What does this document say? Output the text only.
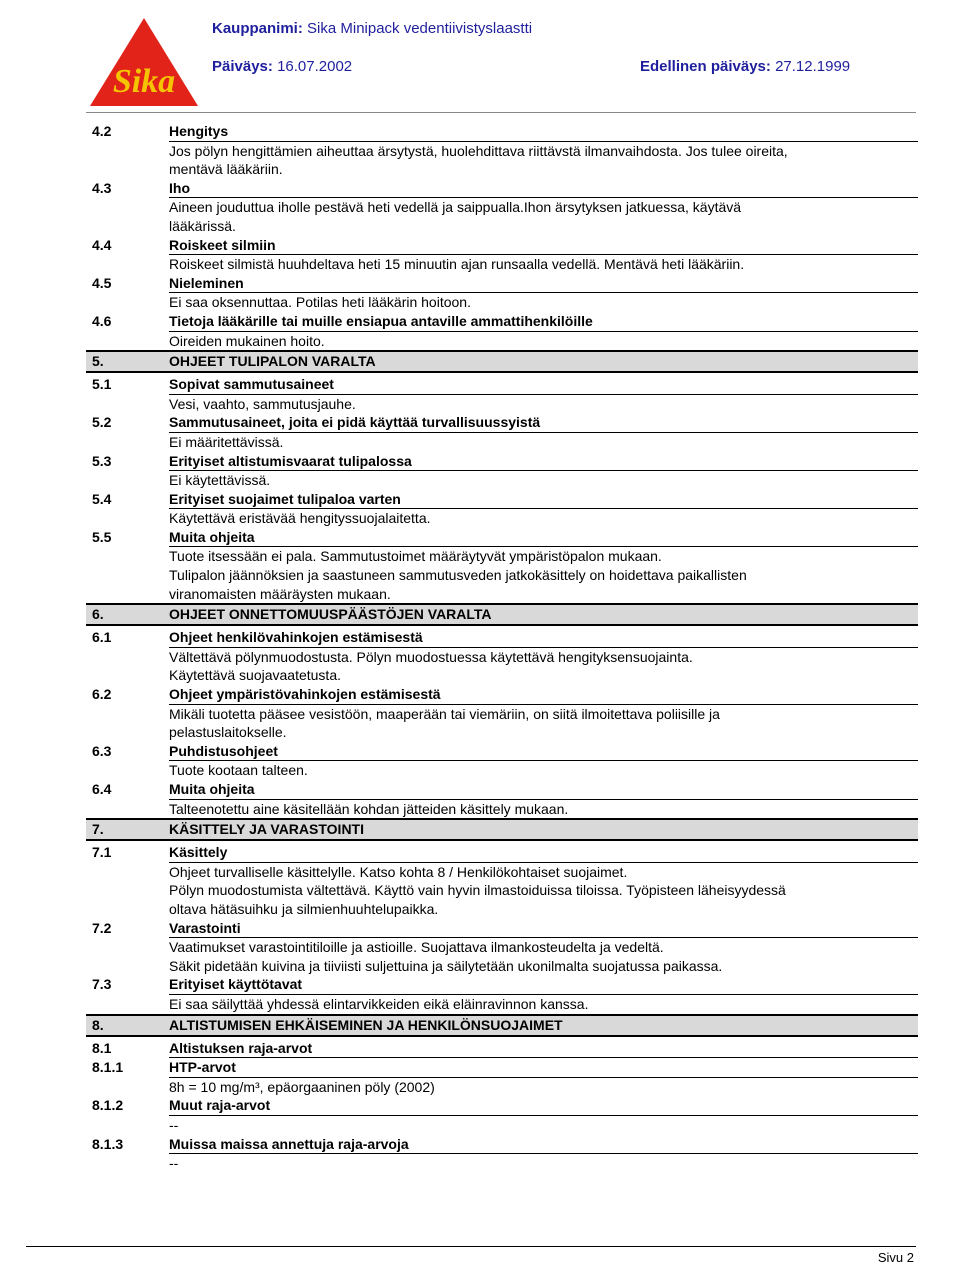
Sika
Kauppanimi: Sika Minipack vedentiivistyslaastti
Päiväys: 16.07.2002	Edellinen päiväys: 27.12.1999
4.2	Hengitys
Jos pölyn hengittämien aiheuttaa ärsytystä, huolehdittava riittävstä ilmanvaihdosta. Jos tulee oireita,
mentävä lääkäriin.
4.3	Iho
Aineen jouduttua iholle pestävä heti vedellä ja saippualla.Ihon ärsytyksen jatkuessa, käytävä
lääkärissä.
4.4	Roiskeet silmiin
Roiskeet silmistä huuhdeltava heti 15 minuutin ajan runsaalla vedellä. Mentävä heti lääkäriin.
4.5	Nieleminen
Ei saa oksennuttaa. Potilas heti lääkärin hoitoon.
4.6	Tietoja lääkärille tai muille ensiapua antaville ammattihenkilöille
Oireiden mukainen hoito.
5.	OHJEET TULIPALON VARALTA
5.1	Sopivat sammutusaineet
Vesi, vaahto, sammutusjauhe.
5.2	Sammutusaineet, joita ei pidä käyttää turvallisuussyistä
Ei määritettävissä.
5.3	Erityiset altistumisvaarat tulipalossa
Ei käytettävissä.
5.4	Erityiset suojaimet tulipaloa varten
Käytettävä eristävää hengityssuojalaitetta.
5.5	Muita ohjeita
Tuote itsessään ei pala. Sammutustoimet määräytyvät ympäristöpalon mukaan.
Tulipalon jäännöksien ja saastuneen sammutusveden jatkokäsittely on hoidettava paikallisten
viranomaisten määräysten mukaan.
6.	OHJEET ONNETTOMUUSPÄÄSTÖJEN VARALTA
6.1	Ohjeet henkilövahinkojen estämisestä
Vältettävä pölynmuodostusta. Pölyn muodostuessa käytettävä hengityksensuojainta.
Käytettävä suojavaatetusta.
6.2	Ohjeet ympäristövahinkojen estämisestä
Mikäli tuotetta pääsee vesistöön, maaperään tai viemäriin, on siitä ilmoitettava poliisille ja
pelastuslaitokselle.
6.3	Puhdistusohjeet
Tuote kootaan talteen.
6.4	Muita ohjeita
Talteenotettu aine käsitellään kohdan jätteiden käsittely mukaan.
7.	KÄSITTELY JA VARASTOINTI
7.1	Käsittely
Ohjeet turvalliselle käsittelylle. Katso kohta 8 / Henkilökohtaiset suojaimet.
Pölyn muodostumista vältettävä. Käyttö vain hyvin ilmastoiduissa tiloissa. Työpisteen läheisyydessä
oltava hätäsuihku ja silmienhuuhtelupaikka.
7.2	Varastointi
Vaatimukset varastointitiloille ja astioille. Suojattava ilmankosteudelta ja vedeltä.
Säkit pidetään kuivina ja tiiviisti suljettuina ja säilytetään ukonilmalta suojatussa paikassa.
7.3	Erityiset käyttötavat
Ei saa säilyttää yhdessä elintarvikkeiden eikä eläinravinnon kanssa.
8.	ALTISTUMISEN EHKÄISEMINEN JA HENKILÖNSUOJAIMET
8.1	Altistuksen raja-arvot
8.1.1	HTP-arvot
8h = 10 mg/m³, epäorgaaninen pöly (2002)
8.1.2	Muut raja-arvot
--
8.1.3	Muissa maissa annettuja raja-arvoja
--
Sivu 2
